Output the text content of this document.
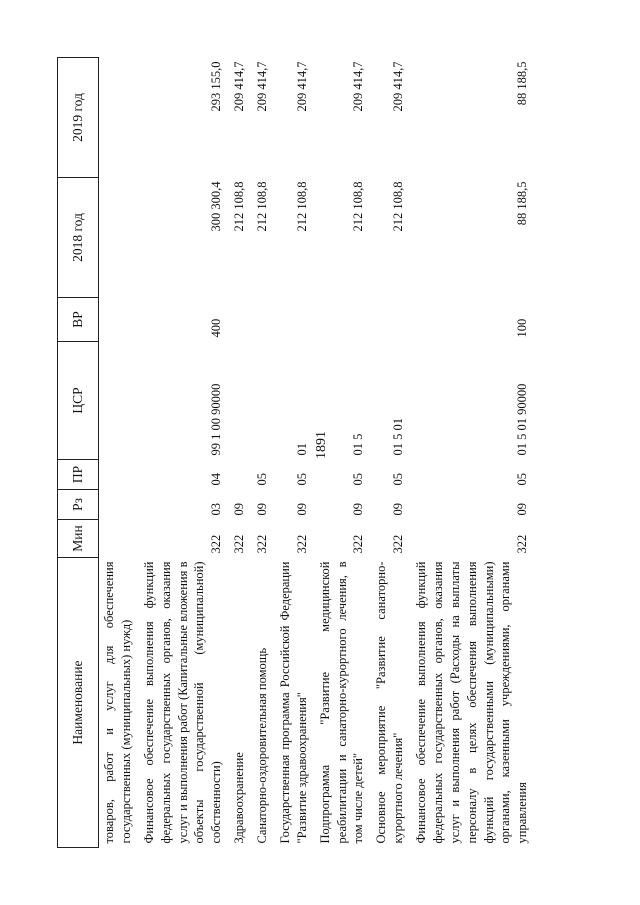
1891
Наименование	Мин	Рз	ПР	ЦСР	ВР	2018 год	2019 год
товаров, работ и услуг для обеспечения государственных (муниципальных) нужд)							
Финансовое обеспечение выполнения функций федеральных государственных органов, оказания услуг и выполнения работ (Капитальные вложения в объекты государственной (муниципальной) собственности)	322	03	04	99 1 00 90000	400	300 300,4	293 155,0
Здравоохранение	322	09				212 108,8	209 414,7
Санаторно-оздоровительная помощь	322	09	05			212 108,8	209 414,7
Государственная программа Российской Федерации "Развитие здравоохранения"	322	09	05	01		212 108,8	209 414,7
Подпрограмма "Развитие медицинской реабилитации и санаторно-курортного лечения, в том числе детей"	322	09	05	01 5		212 108,8	209 414,7
Основное мероприятие "Развитие санаторно-курортного лечения"	322	09	05	01 5 01		212 108,8	209 414,7
Финансовое обеспечение выполнения функций федеральных государственных органов, оказания услуг и выполнения работ (Расходы на выплаты персоналу в целях обеспечения выполнения функций государственными (муниципальными) органами, казенными учреждениями, органами управления	322	09	05	01 5 01 90000	100	88 188,5	88 188,5
